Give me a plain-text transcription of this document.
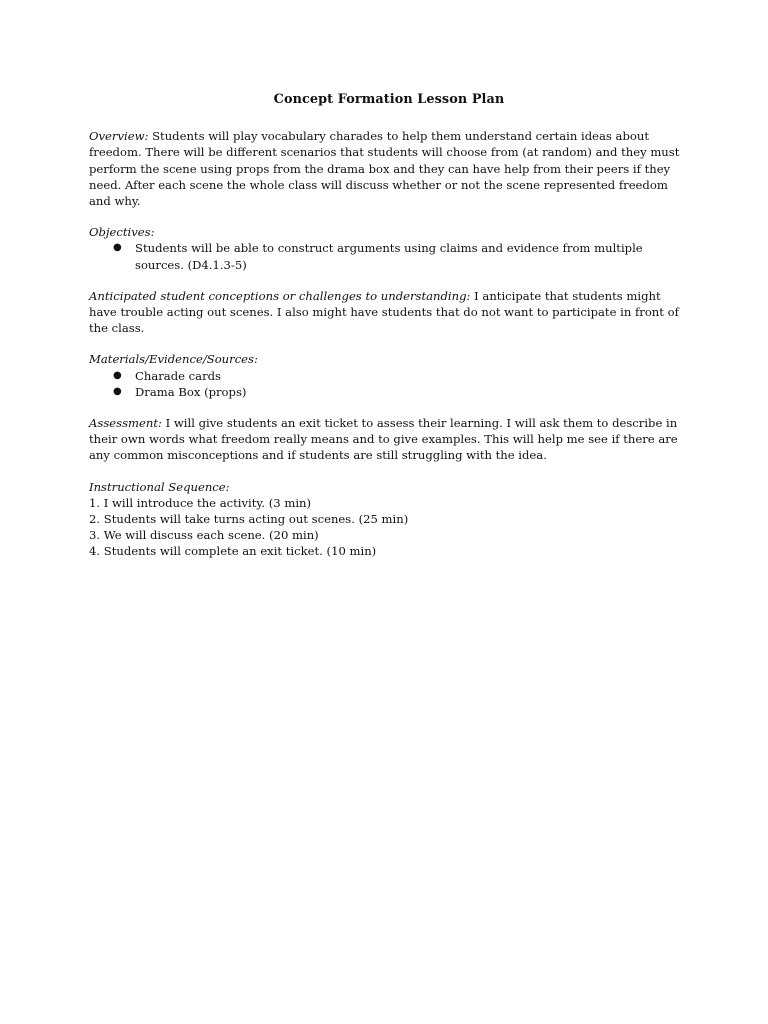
Concept Formation Lesson Plan

Overview: Students will play vocabulary charades to help them understand certain ideas about freedom. There will be different scenarios that students will choose from (at random) and they must perform the scene using props from the drama box and they can have help from their peers if they need. After each scene the whole class will discuss whether or not the scene represented freedom and why.

Objectives:

● Students will be able to construct arguments using claims and evidence from multiple sources. (D4.1.3-5)

Anticipated student conceptions or challenges to understanding: I anticipate that students might have trouble acting out scenes. I also might have students that do not want to participate in front of the class.

Materials/Evidence/Sources:

● Charade cards
● Drama Box (props)

Assessment: I will give students an exit ticket to assess their learning. I will ask them to describe in their own words what freedom really means and to give examples. This will help me see if there are any common misconceptions and if students are still struggling with the idea.

Instructional Sequence:

1. I will introduce the activity. (3 min)
2. Students will take turns acting out scenes. (25 min)
3. We will discuss each scene. (20 min)
4. Students will complete an exit ticket. (10 min)
